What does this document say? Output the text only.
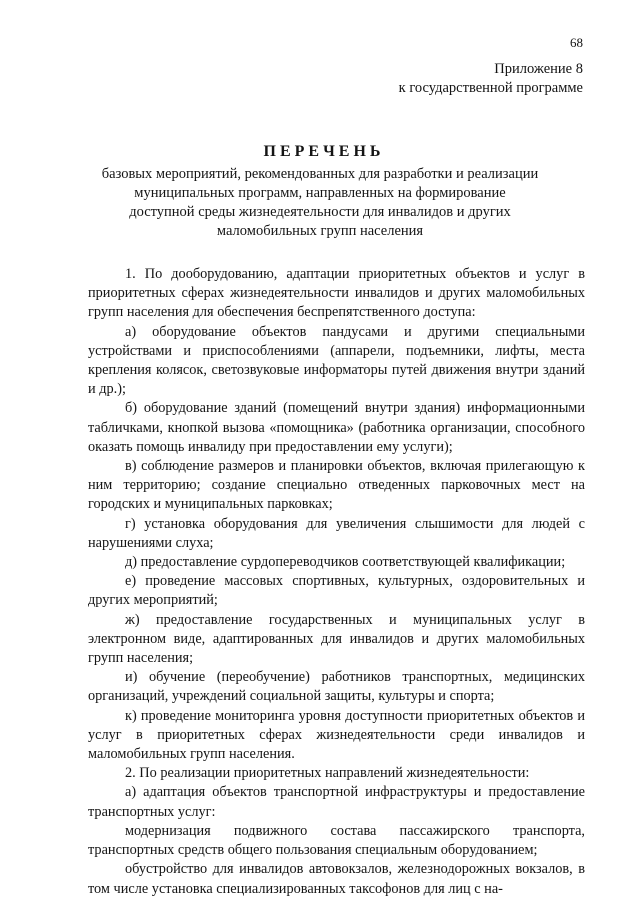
68
Приложение 8
к государственной программе
ПЕРЕЧЕНЬ
базовых мероприятий, рекомендованных для разработки и реализации
муниципальных программ, направленных на формирование
доступной среды жизнедеятельности для инвалидов и других
маломобильных групп населения

1. По дооборудованию, адаптации приоритетных объектов и услуг в приоритетных сферах жизнедеятельности инвалидов и других маломобильных групп населения для обеспечения беспрепятственного доступа:

а) оборудование объектов пандусами и другими специальными устройствами и приспособлениями (аппарели, подъемники, лифты, места крепления колясок, светозвуковые информаторы путей движения внутри зданий и др.);

б) оборудование зданий (помещений внутри здания) информационными табличками, кнопкой вызова «помощника» (работника организации, способного оказать помощь инвалиду при предоставлении ему услуги);

в) соблюдение размеров и планировки объектов, включая прилегающую к ним территорию; создание специально отведенных парковочных мест на городских и муниципальных парковках;

г) установка оборудования для увеличения слышимости для людей с нарушениями слуха;

д) предоставление сурдопереводчиков соответствующей квалификации;

е) проведение массовых спортивных, культурных, оздоровительных и других мероприятий;

ж) предоставление государственных и муниципальных услуг в электронном виде, адаптированных для инвалидов и других маломобильных групп населения;

и) обучение (переобучение) работников транспортных, медицинских организаций, учреждений социальной защиты, культуры и спорта;

к) проведение мониторинга уровня доступности приоритетных объектов и услуг в приоритетных сферах жизнедеятельности среди инвалидов и маломобильных групп населения.

2. По реализации приоритетных направлений жизнедеятельности:

а) адаптация объектов транспортной инфраструктуры и предоставление транспортных услуг:

модернизация подвижного состава пассажирского транспорта, транспортных средств общего пользования специальным оборудованием;

обустройство для инвалидов автовокзалов, железнодорожных вокзалов, в том числе установка специализированных таксофонов для лиц с на-
